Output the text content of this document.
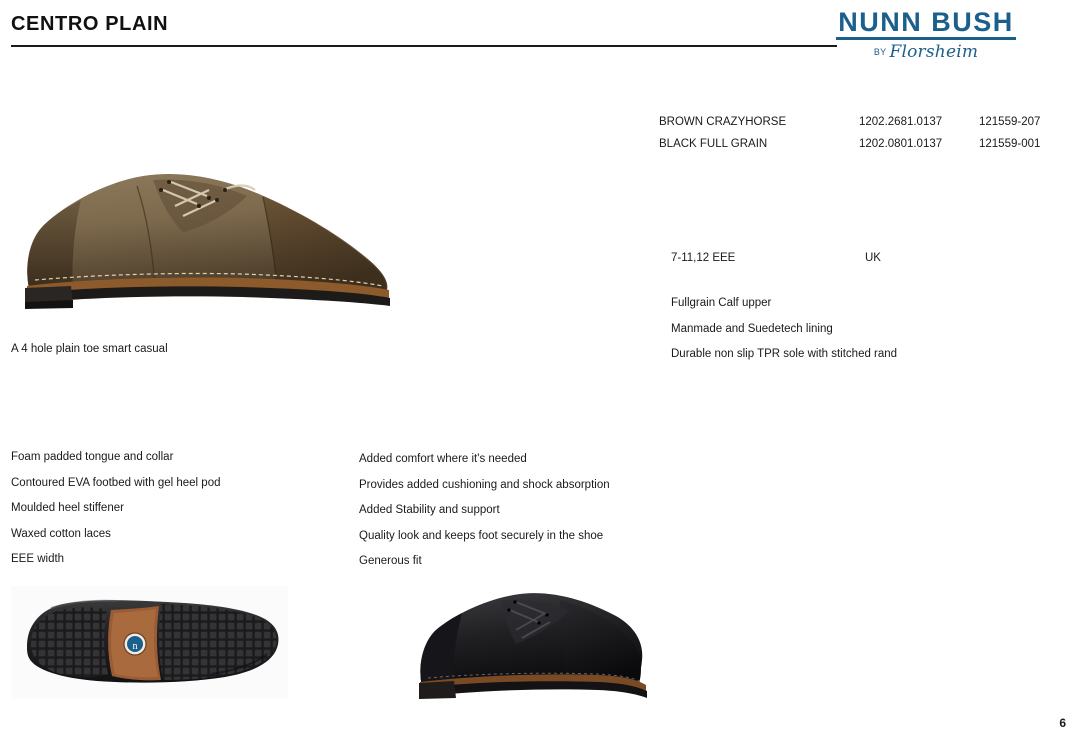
CENTRO PLAIN	NUNN BUSH
BY Florsheim
A 4 hole plain toe smart casual
BROWN CRAZYHORSE	1202.2681.0137	121559-207
BLACK FULL GRAIN	1202.0801.0137	121559-001
7-11,12 EEE	UK
Fullgrain Calf upper
Manmade and Suedetech lining
Durable non slip TPR sole with stitched rand
Foam padded tongue and collar
Contoured EVA footbed with gel heel pod
Moulded heel stiffener
Waxed cotton laces
EEE width
Added comfort where it's needed
Provides added cushioning and shock absorption
Added Stability and support
Quality look and keeps foot securely in the shoe
Generous fit
n
6
